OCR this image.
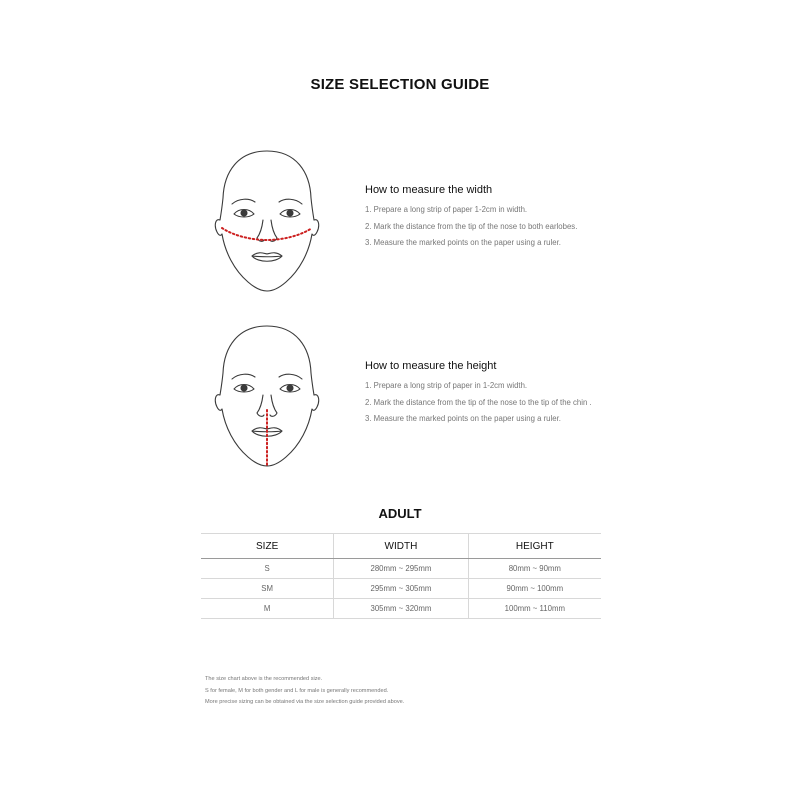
SIZE SELECTION GUIDE
How to measure the width
1. Prepare a long strip of paper 1-2cm in width.
2. Mark the distance from the tip of the nose to both earlobes.
3. Measure the marked points on the paper using a ruler.
How to measure the height
1. Prepare a long strip of paper in 1-2cm width.
2. Mark the distance from the tip of the nose to the tip of the chin .
3. Measure the marked points on the paper using a ruler.
ADULT
SIZE	WIDTH	HEIGHT
S	280mm ~ 295mm	80mm ~ 90mm
SM	295mm ~ 305mm	90mm ~ 100mm
M	305mm ~ 320mm	100mm ~ 110mm
The size chart above is the recommended size.
S for female, M for both gender and L for male is generally recommended.
More precise sizing can be obtained via the size selection guide provided above.
